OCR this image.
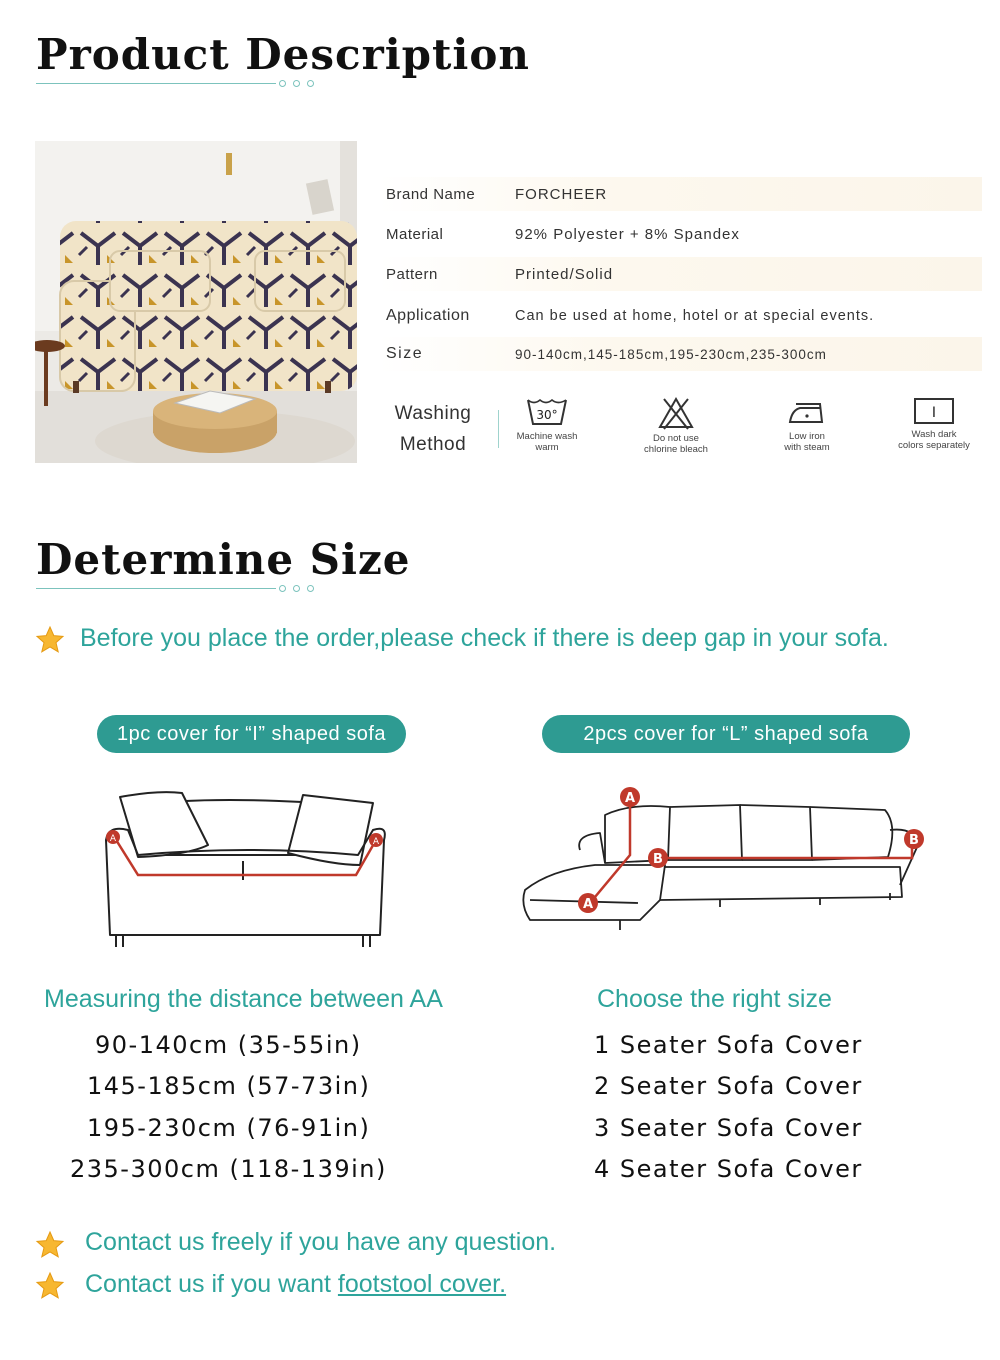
Product Description
Brand Name	FORCHEER
Material	92% Polyester + 8% Spandex
Pattern	Printed/Solid
Application	Can be used at home, hotel or at special events.
Size	90-140cm,145-185cm,195-230cm,235-300cm
Washing
Method
30°
Machine wash
warm
Do not use
chlorine bleach
Low iron
with steam
I
Wash dark
colors separately
Determine Size
Before you place the order,please check if there is deep gap in your sofa.
1pc cover for “I” shaped sofa	2pcs cover for “L” shaped sofa
A	A
A
A
B
B
Measuring the distance between AA	Choose the right size
90-140cm (35-55in)
145-185cm (57-73in)
195-230cm (76-91in)
235-300cm (118-139in)
1 Seater Sofa Cover
2 Seater Sofa Cover
3 Seater Sofa Cover
4 Seater Sofa Cover
Contact us freely if you have any question.
Contact us if you want footstool cover.
